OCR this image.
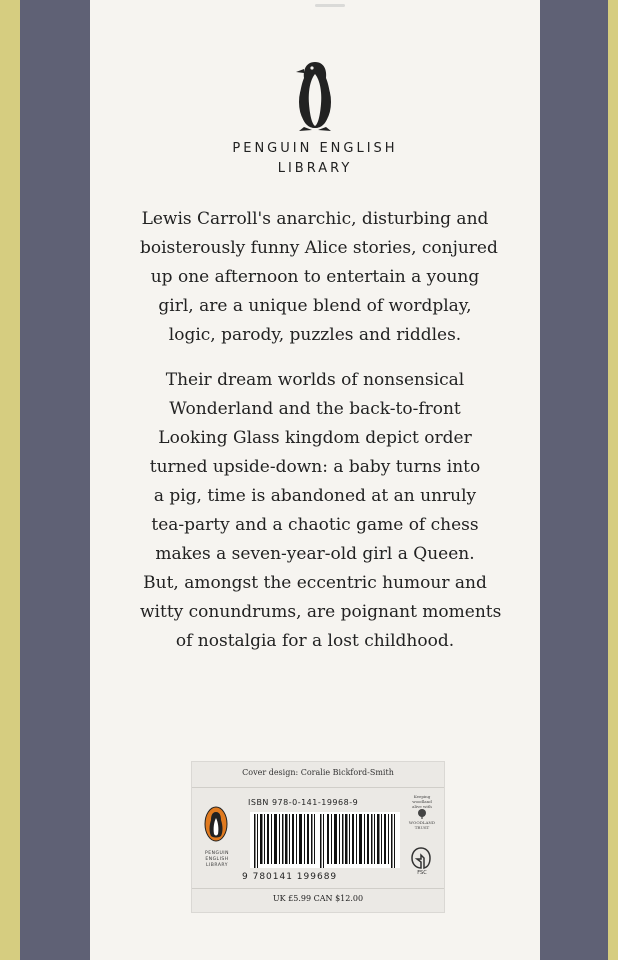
PENGUIN ENGLISH
LIBRARY
Lewis Carroll's anarchic, disturbing and
boisterously funny Alice stories, conjured
up one afternoon to entertain a young
girl, are a unique blend of wordplay,
logic, parody, puzzles and riddles.
Their dream worlds of nonsensical
Wonderland and the back-to-front
Looking Glass kingdom depict order
turned upside-down: a baby turns into
a pig, time is abandoned at an unruly
tea-party and a chaotic game of chess
makes a seven-year-old girl a Queen.
But, amongst the eccentric humour and
witty conundrums, are poignant moments
of nostalgia for a lost childhood.
Cover design: Coralie Bickford-Smith
PENGUIN
ENGLISH
LIBRARY
ISBN 978-0-141-19968-9
9 780141 199689
Keeping
woodland
alive with
WOODLAND
TRUST
FSC
UK £5.99 CAN $12.00
